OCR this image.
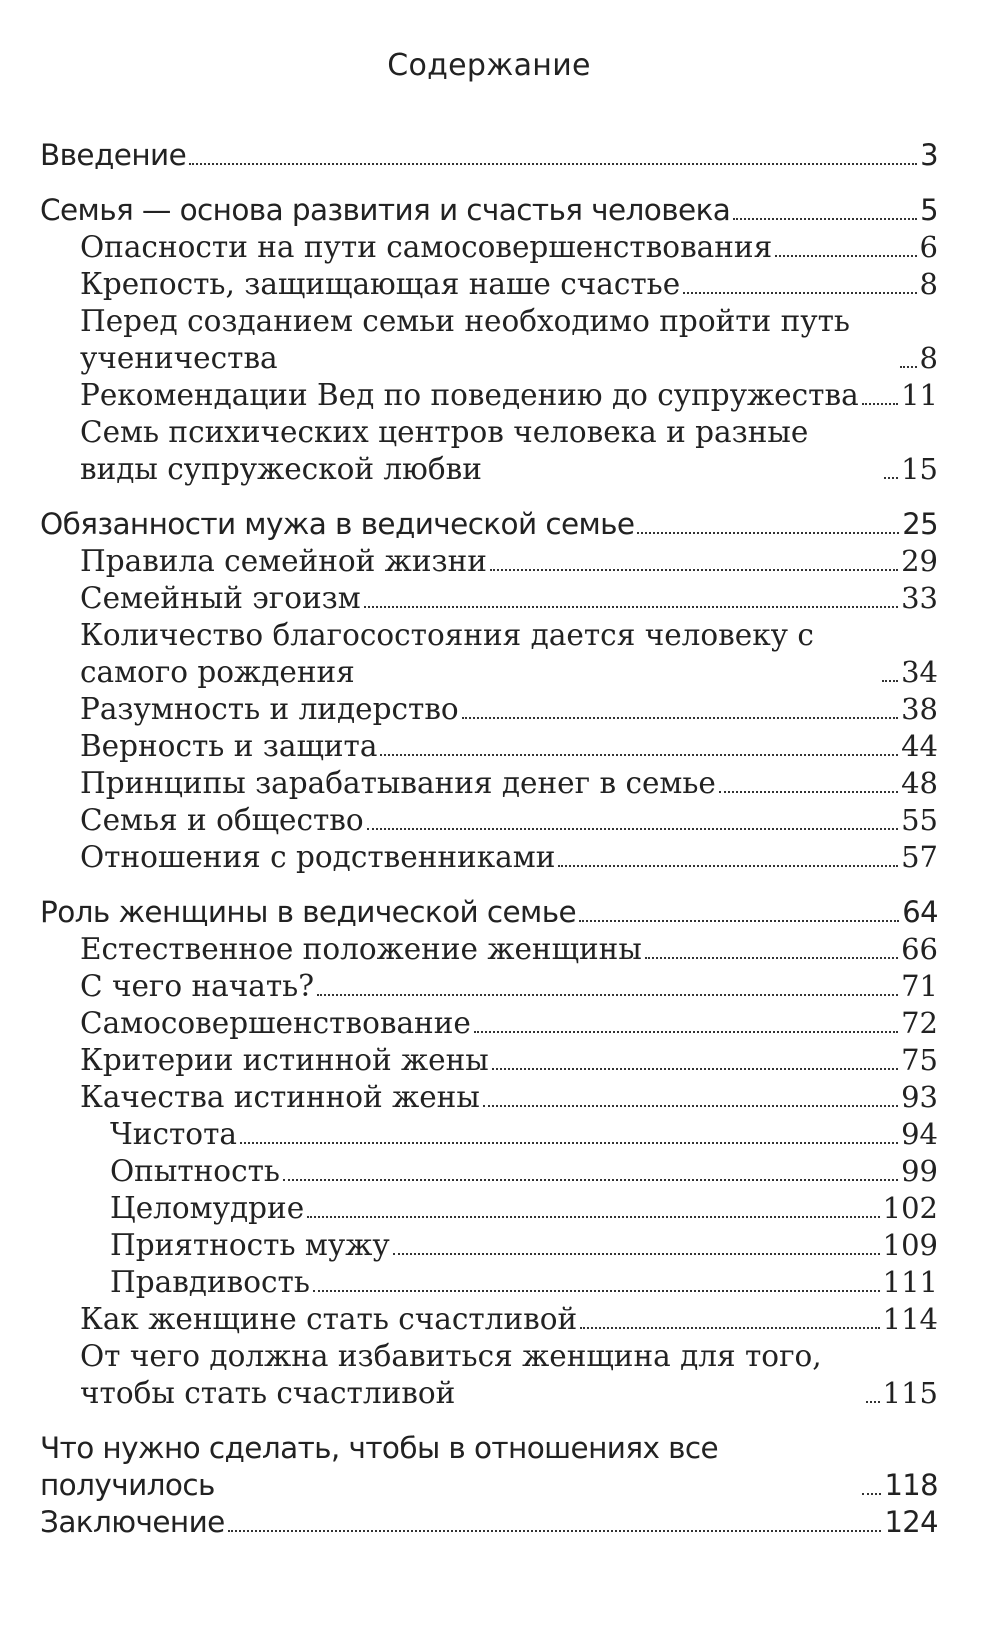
Содержание
Введение	3
Семья — основа развития и счастья человека	5
Опасности на пути самосовершенствования	6
Крепость, защищающая наше счастье	8
Перед созданием семьи необходимо пройти путь ученичества	8
Рекомендации Вед по поведению до супружества 11
Семь психических центров человека и разные виды супружеской любви	15
Обязанности мужа в ведической семье	25
Правила семейной жизни	29
Семейный эгоизм	33
Количество благосостояния дается человеку с самого рождения	34
Разумность и лидерство	38
Верность и защита	44
Принципы зарабатывания денег в семье	48
Семья и общество	55
Отношения с родственниками	57
Роль женщины в ведической семье	64
Естественное положение женщины	66
С чего начать?	71
Самосовершенствование	72
Критерии истинной жены	75
Качества истинной жены	93
Чистота	94
Опытность	99
Целомудрие	102
Приятность мужу	109
Правдивость	111
Как женщине стать счастливой	114
От чего должна избавиться женщина для того, чтобы стать счастливой	115
Что нужно сделать, чтобы в отношениях все получилось	118
Заключение	124
